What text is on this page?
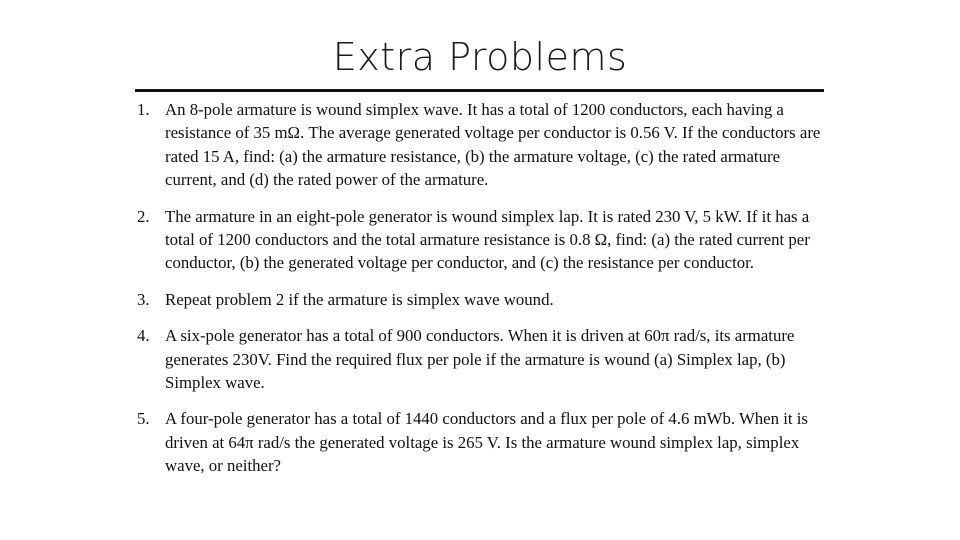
Extra Problems
1. An 8-pole armature is wound simplex wave. It has a total of 1200 conductors, each having a resistance of 35 mΩ. The average generated voltage per conductor is 0.56 V. If the conductors are rated 15 A, find: (a) the armature resistance, (b) the armature voltage, (c) the rated armature current, and (d) the rated power of the armature.
2. The armature in an eight-pole generator is wound simplex lap. It is rated 230 V, 5 kW. If it has a total of 1200 conductors and the total armature resistance is 0.8 Ω, find: (a) the rated current per conductor, (b) the generated voltage per conductor, and (c) the resistance per conductor.
3. Repeat problem 2 if the armature is simplex wave wound.
4. A six-pole generator has a total of 900 conductors. When it is driven at 60π rad/s, its armature generates 230V. Find the required flux per pole if the armature is wound (a) Simplex lap, (b) Simplex wave.
5. A four-pole generator has a total of 1440 conductors and a flux per pole of 4.6 mWb. When it is driven at 64π rad/s the generated voltage is 265 V. Is the armature wound simplex lap, simplex wave, or neither?
